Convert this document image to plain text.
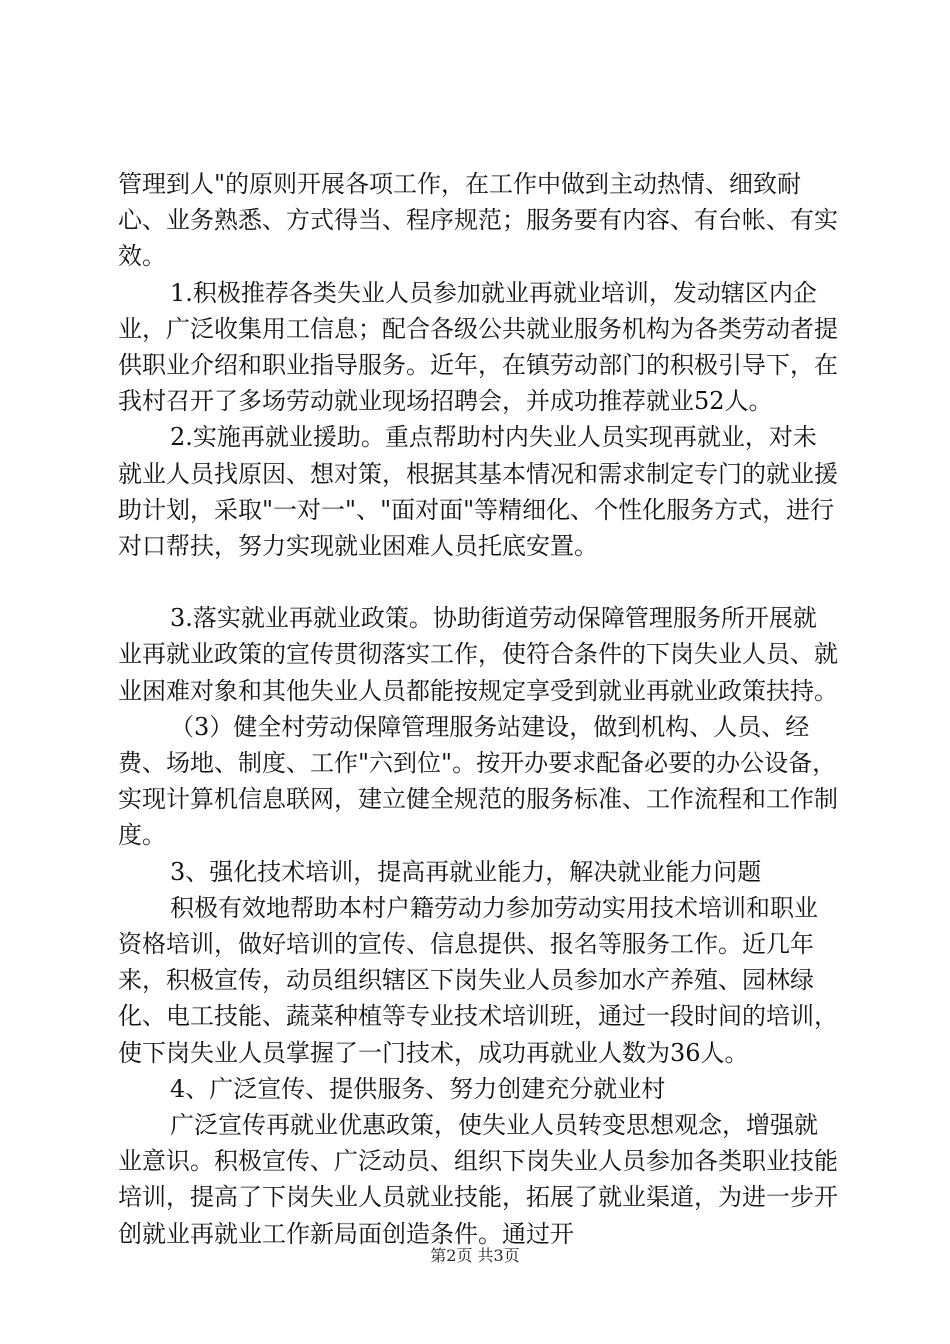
管理到人"的原则开展各项工作，在工作中做到主动热情、细致耐心、业务熟悉、方式得当、程序规范；服务要有内容、有台帐、有实效。

1.积极推荐各类失业人员参加就业再就业培训，发动辖区内企业，广泛收集用工信息；配合各级公共就业服务机构为各类劳动者提供职业介绍和职业指导服务。近年，在镇劳动部门的积极引导下，在我村召开了多场劳动就业现场招聘会，并成功推荐就业52人。

2.实施再就业援助。重点帮助村内失业人员实现再就业，对未就业人员找原因、想对策，根据其基本情况和需求制定专门的就业援助计划，采取"一对一"、"面对面"等精细化、个性化服务方式，进行对口帮扶，努力实现就业困难人员托底安置。

3.落实就业再就业政策。协助街道劳动保障管理服务所开展就业再就业政策的宣传贯彻落实工作，使符合条件的下岗失业人员、就业困难对象和其他失业人员都能按规定享受到就业再就业政策扶持。

（3）健全村劳动保障管理服务站建设，做到机构、人员、经费、场地、制度、工作"六到位"。按开办要求配备必要的办公设备，实现计算机信息联网，建立健全规范的服务标准、工作流程和工作制度。

3、强化技术培训，提高再就业能力，解决就业能力问题

积极有效地帮助本村户籍劳动力参加劳动实用技术培训和职业资格培训，做好培训的宣传、信息提供、报名等服务工作。近几年来，积极宣传，动员组织辖区下岗失业人员参加水产养殖、园林绿化、电工技能、蔬菜种植等专业技术培训班，通过一段时间的培训，使下岗失业人员掌握了一门技术，成功再就业人数为36人。

4、广泛宣传、提供服务、努力创建充分就业村

广泛宣传再就业优惠政策，使失业人员转变思想观念，增强就业意识。积极宣传、广泛动员、组织下岗失业人员参加各类职业技能培训，提高了下岗失业人员就业技能，拓展了就业渠道，为进一步开创就业再就业工作新局面创造条件。通过开

第2页 共3页
